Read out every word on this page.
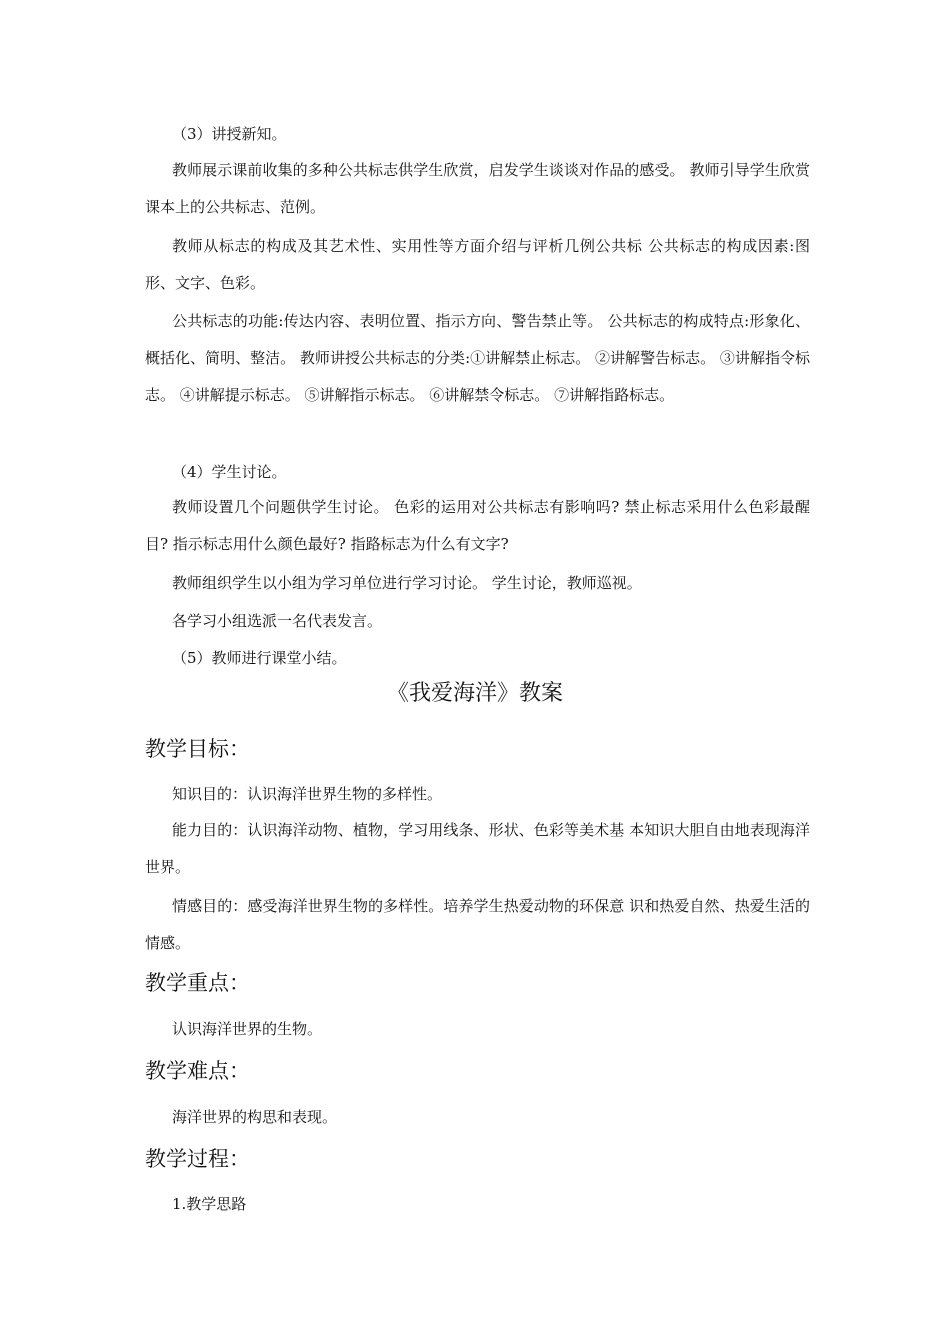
（3）讲授新知。
教师展示课前收集的多种公共标志供学生欣赏，启发学生谈谈对作品的感受。 教师引导学生欣赏课本上的公共标志、范例。
教师从标志的构成及其艺术性、实用性等方面介绍与评析几例公共标 公共标志的构成因素:图形、文字、色彩。
公共标志的功能:传达内容、表明位置、指示方向、警告禁止等。 公共标志的构成特点:形象化、概括化、简明、整洁。 教师讲授公共标志的分类:①讲解禁止标志。 ②讲解警告标志。 ③讲解指令标志。 ④讲解提示标志。 ⑤讲解指示标志。 ⑥讲解禁令标志。 ⑦讲解指路标志。
（4）学生讨论。
教师设置几个问题供学生讨论。 色彩的运用对公共标志有影响吗? 禁止标志采用什么色彩最醒目? 指示标志用什么颜色最好? 指路标志为什么有文字?
教师组织学生以小组为学习单位进行学习讨论。 学生讨论，教师巡视。
各学习小组选派一名代表发言。
（5）教师进行课堂小结。
《我爱海洋》教案
教学目标：
知识目的：认识海洋世界生物的多样性。
能力目的：认识海洋动物、植物，学习用线条、形状、色彩等美术基 本知识大胆自由地表现海洋世界。
情感目的：感受海洋世界生物的多样性。培养学生热爱动物的环保意 识和热爱自然、热爱生活的情感。
教学重点：
认识海洋世界的生物。
教学难点：
海洋世界的构思和表现。
教学过程：
1.教学思路
